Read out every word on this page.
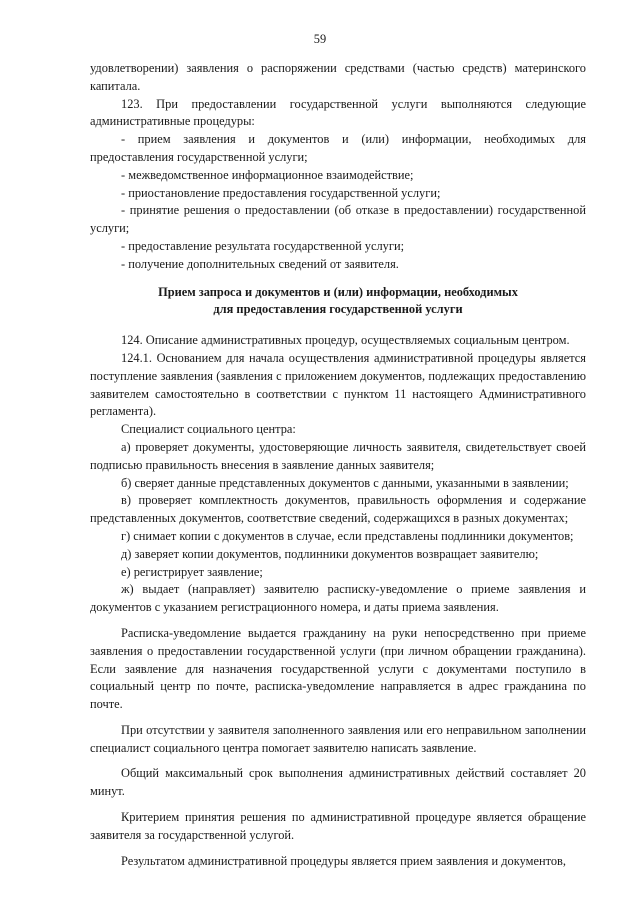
59

удовлетворении) заявления о распоряжении средствами (частью средств) материнского капитала.

123. При предоставлении государственной услуги выполняются следующие административные процедуры:

- прием заявления и документов и (или) информации, необходимых для предоставления государственной услуги;

- межведомственное информационное взаимодействие;

- приостановление предоставления государственной услуги;

- принятие решения о предоставлении (об отказе в предоставлении) государственной услуги;

- предоставление результата государственной услуги;

- получение дополнительных сведений от заявителя.

Прием запроса и документов и (или) информации, необходимых
для предоставления государственной услуги

124. Описание административных процедур, осуществляемых социальным центром.

124.1. Основанием для начала осуществления административной процедуры является поступление заявления (заявления с приложением документов, подлежащих предоставлению заявителем самостоятельно в соответствии с пунктом 11 настоящего Административного регламента).

Специалист социального центра:

а) проверяет документы, удостоверяющие личность заявителя, свидетельствует своей подписью правильность внесения в заявление данных заявителя;

б) сверяет данные представленных документов с данными, указанными в заявлении;

в) проверяет комплектность документов, правильность оформления и содержание представленных документов, соответствие сведений, содержащихся в разных документах;

г) снимает копии с документов в случае, если представлены подлинники документов;

д) заверяет копии документов, подлинники документов возвращает заявителю;

е) регистрирует заявление;

ж) выдает (направляет) заявителю расписку-уведомление о приеме заявления и документов с указанием регистрационного номера, и даты приема заявления.

Расписка-уведомление выдается гражданину на руки непосредственно при приеме заявления о предоставлении государственной услуги (при личном обращении гражданина). Если заявление для назначения государственной услуги с документами поступило в социальный центр по почте, расписка-уведомление направляется в адрес гражданина по почте.

При отсутствии у заявителя заполненного заявления или его неправильном заполнении специалист социального центра помогает заявителю написать заявление.

Общий максимальный срок выполнения административных действий составляет 20 минут.

Критерием принятия решения по административной процедуре является обращение заявителя за государственной услугой.

Результатом административной процедуры является прием заявления и документов,
